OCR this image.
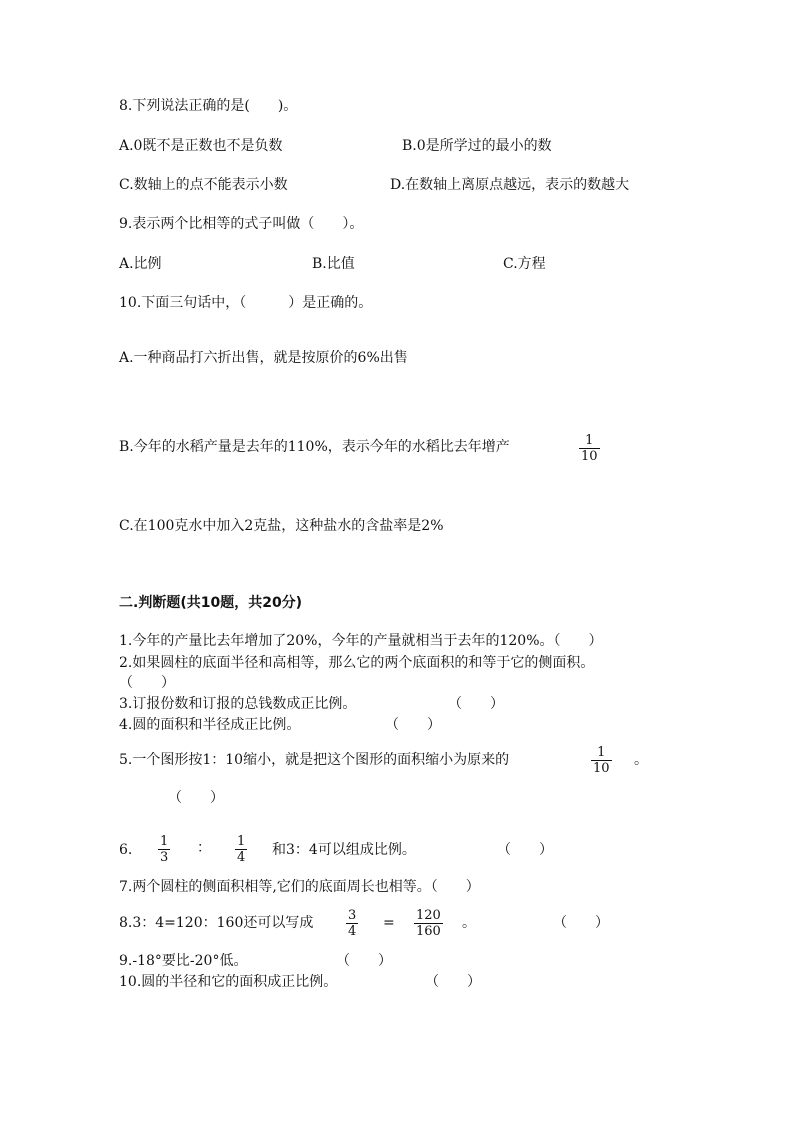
8.下列说法正确的是(　　)。
A.0既不是正数也不是负数	B.0是所学过的最小的数
C.数轴上的点不能表示小数	D.在数轴上离原点越远，表示的数越大
9.表示两个比相等的式子叫做（　　）。
A.比例	B.比值	C.方程
10.下面三句话中，（　　　）是正确的。
A.一种商品打六折出售，就是按原价的6%出售
B.今年的水稻产量是去年的110%，表示今年的水稻比去年增产	$\frac{1}{10}$
C.在100克水中加入2克盐，这种盐水的含盐率是2%
二.判断题(共10题，共20分)
1.今年的产量比去年增加了20%，今年的产量就相当于去年的120%。（　　）
2.如果圆柱的底面半径和高相等，那么它的两个底面积的和等于它的侧面积。
（　　）
3.订报份数和订报的总钱数成正比例。	（　　）
4.圆的面积和半径成正比例。	（　　）
5.一个图形按1：10缩小，就是把这个图形的面积缩小为原来的	$\frac{1}{10}$ 。
（　　）
6. $\frac{1}{3}$ ： $\frac{1}{4}$ 和3：4可以组成比例。	（　　）
7.两个圆柱的侧面积相等,它们的底面周长也相等。（　　）
8.3：4=120：160还可以写成	$\frac{3}{4} = \frac{120}{160}$ 。	（　　）
9.-18°要比-20°低。	（　　）
10.圆的半径和它的面积成正比例。	（　　）
